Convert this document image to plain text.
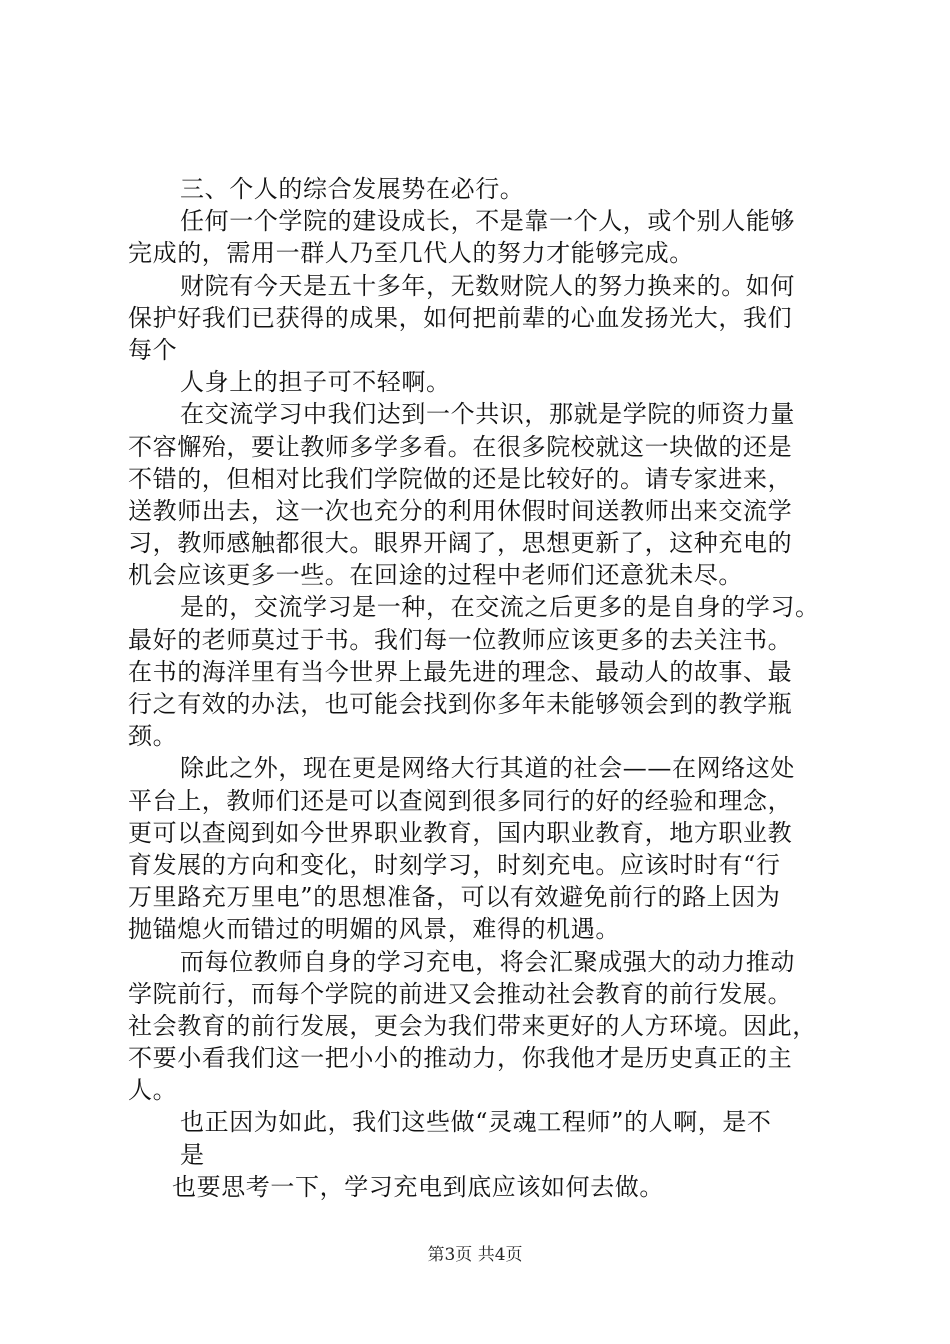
三、个人的综合发展势在必行。
任何一个学院的建设成长，不是靠一个人，或个别人能够
完成的，需用一群人乃至几代人的努力才能够完成。
财院有今天是五十多年，无数财院人的努力换来的。如何
保护好我们已获得的成果，如何把前辈的心血发扬光大，我们
每个
人身上的担子可不轻啊。
在交流学习中我们达到一个共识，那就是学院的师资力量
不容懈殆，要让教师多学多看。在很多院校就这一块做的还是
不错的，但相对比我们学院做的还是比较好的。请专家进来，
送教师出去，这一次也充分的利用休假时间送教师出来交流学
习，教师感触都很大。眼界开阔了，思想更新了，这种充电的
机会应该更多一些。在回途的过程中老师们还意犹未尽。
是的，交流学习是一种，在交流之后更多的是自身的学习。
最好的老师莫过于书。我们每一位教师应该更多的去关注书。
在书的海洋里有当今世界上最先进的理念、最动人的故事、最
行之有效的办法，也可能会找到你多年未能够领会到的教学瓶
颈。
除此之外，现在更是网络大行其道的社会——在网络这处
平台上，教师们还是可以查阅到很多同行的好的经验和理念，
更可以查阅到如今世界职业教育，国内职业教育，地方职业教
育发展的方向和变化，时刻学习，时刻充电。应该时时有“行
万里路充万里电”的思想准备，可以有效避免前行的路上因为
抛锚熄火而错过的明媚的风景，难得的机遇。
而每位教师自身的学习充电，将会汇聚成强大的动力推动
学院前行，而每个学院的前进又会推动社会教育的前行发展。
社会教育的前行发展，更会为我们带来更好的人方环境。因此，
不要小看我们这一把小小的推动力，你我他才是历史真正的主
人。
也正因为如此，我们这些做“灵魂工程师”的人啊，是不
是
也要思考一下，学习充电到底应该如何去做。
第3页 共4页
